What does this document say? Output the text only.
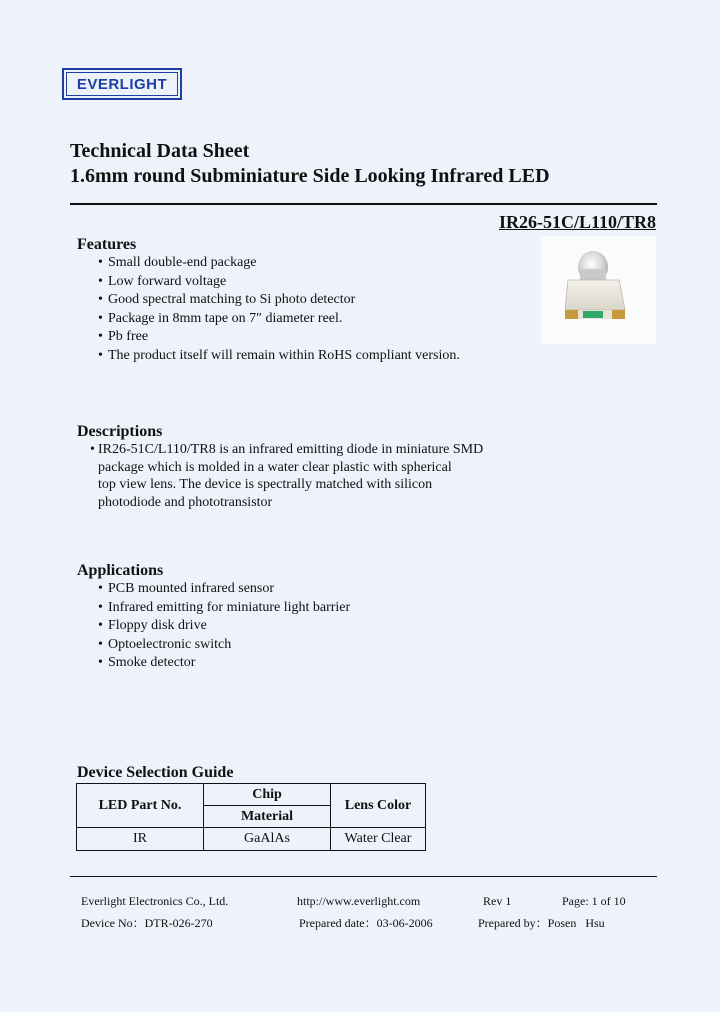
EVERLIGHT
Technical Data Sheet
1.6mm round Subminiature Side Looking Infrared LED
IR26-51C/L110/TR8
Features
• Small double-end package
• Low forward voltage
• Good spectral matching to Si photo detector
• Package in 8mm tape on 7″ diameter reel.
• Pb free
• The product itself will remain within RoHS compliant version.
Descriptions
• IR26-51C/L110/TR8 is an infrared emitting diode in miniature SMD
package which is molded in a water clear plastic with spherical
top view lens. The device is spectrally matched with silicon
photodiode and phototransistor
Applications
• PCB mounted infrared sensor
• Infrared emitting for miniature light barrier
• Floppy disk drive
• Optoelectronic switch
• Smoke detector
Device Selection Guide
LED Part No.	Chip	Lens Color
	Material	
IR	GaAlAs	Water Clear
Everlight Electronics Co., Ltd.	http://www.everlight.com	Rev 1	Page: 1 of 10
Device No：DTR-026-270	Prepared date：03-06-2006	Prepared by：Posen   Hsu
